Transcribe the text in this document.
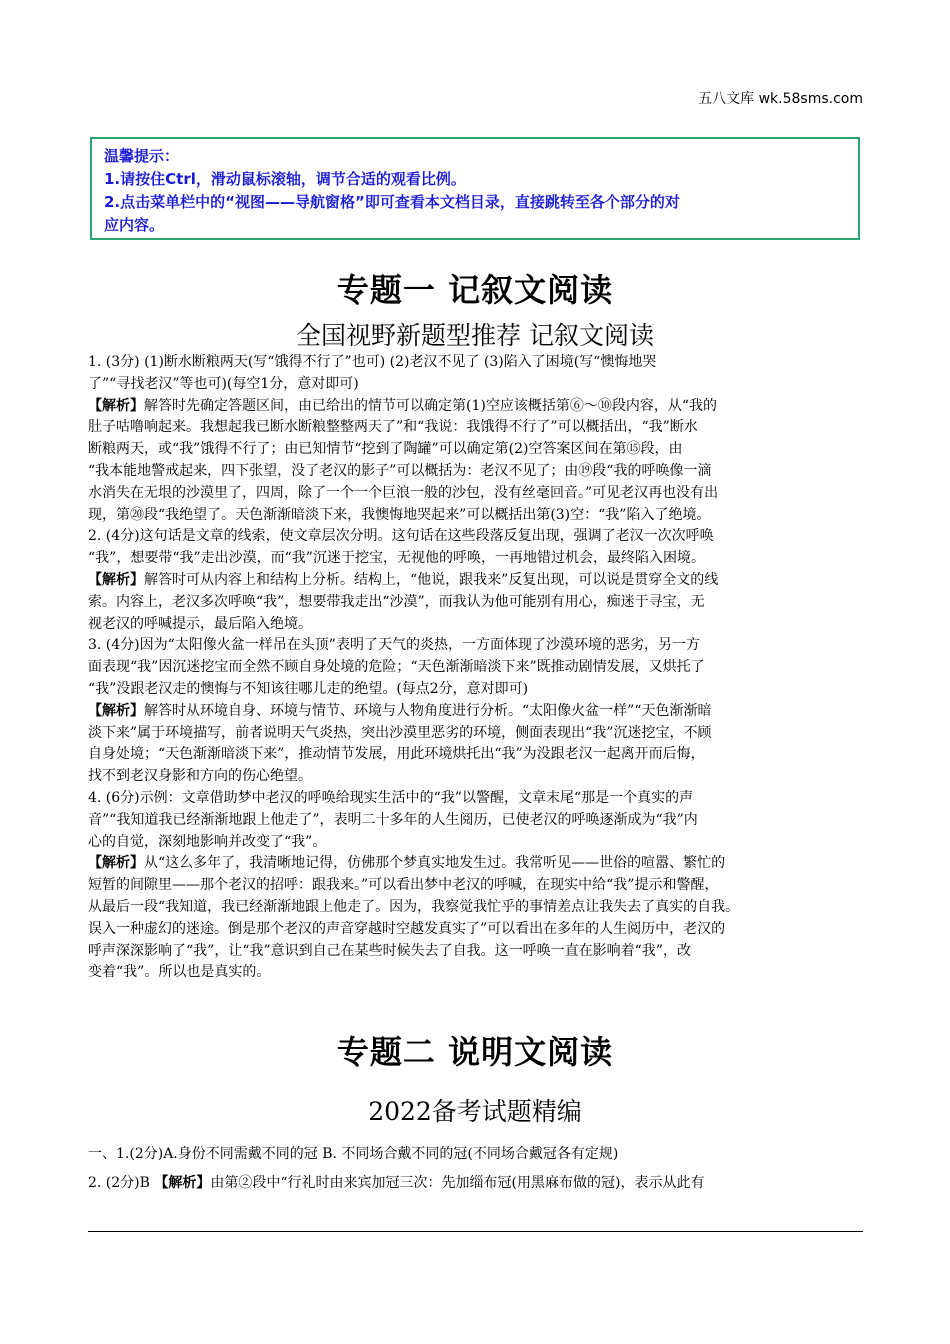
五八文库 wk.58sms.com
温馨提示：
1.请按住Ctrl，滑动鼠标滚轴，调节合适的观看比例。
2.点击菜单栏中的“视图——导航窗格”即可查看本文档目录，直接跳转至各个部分的对
应内容。
专题一 记叙文阅读
全国视野新题型推荐 记叙文阅读

1. (3分) (1)断水断粮两天(写“饿得不行了”也可) (2)老汉不见了 (3)陷入了困境(写“懊悔地哭

了”“寻找老汉”等也可)(每空1分，意对即可)

【解析】解答时先确定答题区间，由已给出的情节可以确定第(1)空应该概括第⑥～⑩段内容，从“我的

肚子咕噜响起来。我想起我已断水断粮整整两天了”和“我说：我饿得不行了”可以概括出，“我”断水

断粮两天，或“我”饿得不行了；由已知情节“挖到了陶罐”可以确定第(2)空答案区间在第⑮段，由

“我本能地警戒起来，四下张望，没了老汉的影子”可以概括为：老汉不见了；由⑲段“我的呼唤像一滴

水消失在无垠的沙漠里了，四周，除了一个一个巨浪一般的沙包，没有丝毫回音。”可见老汉再也没有出

现，第⑳段“我绝望了。天色渐渐暗淡下来，我懊悔地哭起来”可以概括出第(3)空：“我”陷入了绝境。

2. (4分)这句话是文章的线索，使文章层次分明。这句话在这些段落反复出现，强调了老汉一次次呼唤

“我”，想要带“我”走出沙漠，而“我”沉迷于挖宝，无视他的呼唤，一再地错过机会，最终陷入困境。

【解析】解答时可从内容上和结构上分析。结构上，“他说，跟我来”反复出现，可以说是贯穿全文的线

索。内容上，老汉多次呼唤“我”，想要带我走出“沙漠”，而我认为他可能别有用心，痴迷于寻宝，无

视老汉的呼喊提示，最后陷入绝境。

3. (4分)因为“太阳像火盆一样吊在头顶”表明了天气的炎热，一方面体现了沙漠环境的恶劣，另一方

面表现“我”因沉迷挖宝而全然不顾自身处境的危险；“天色渐渐暗淡下来”既推动剧情发展，又烘托了

“我”没跟老汉走的懊悔与不知该往哪儿走的绝望。(每点2分，意对即可)

【解析】解答时从环境自身、环境与情节、环境与人物角度进行分析。“太阳像火盆一样”“天色渐渐暗

淡下来”属于环境描写，前者说明天气炎热，突出沙漠里恶劣的环境，侧面表现出“我”沉迷挖宝，不顾

自身处境；“天色渐渐暗淡下来”，推动情节发展，用此环境烘托出“我”为没跟老汉一起离开而后悔，

找不到老汉身影和方向的伤心绝望。

4. (6分)示例：文章借助梦中老汉的呼唤给现实生活中的“我”以警醒，文章末尾“那是一个真实的声

音”“我知道我已经渐渐地跟上他走了”，表明二十多年的人生阅历，已使老汉的呼唤逐渐成为“我”内

心的自觉，深刻地影响并改变了“我”。

【解析】从“这么多年了，我清晰地记得，仿佛那个梦真实地发生过。我常听见——世俗的喧嚣、繁忙的

短暂的间隙里——那个老汉的招呼：跟我来。”可以看出梦中老汉的呼喊，在现实中给“我”提示和警醒，

从最后一段“我知道，我已经渐渐地跟上他走了。因为，我察觉我忙乎的事情差点让我失去了真实的自我。

误入一种虚幻的迷途。倒是那个老汉的声音穿越时空越发真实了”可以看出在多年的人生阅历中，老汉的

呼声深深影响了“我”，让“我”意识到自己在某些时候失去了自我。这一呼唤一直在影响着“我”，改

变着“我”。所以也是真实的。

专题二 说明文阅读
2022备考试题精编

一、1.(2分)A.身份不同需戴不同的冠 B. 不同场合戴不同的冠(不同场合戴冠各有定规)

2. (2分)B 【解析】由第②段中“行礼时由来宾加冠三次：先加缁布冠(用黑麻布做的冠)，表示从此有
